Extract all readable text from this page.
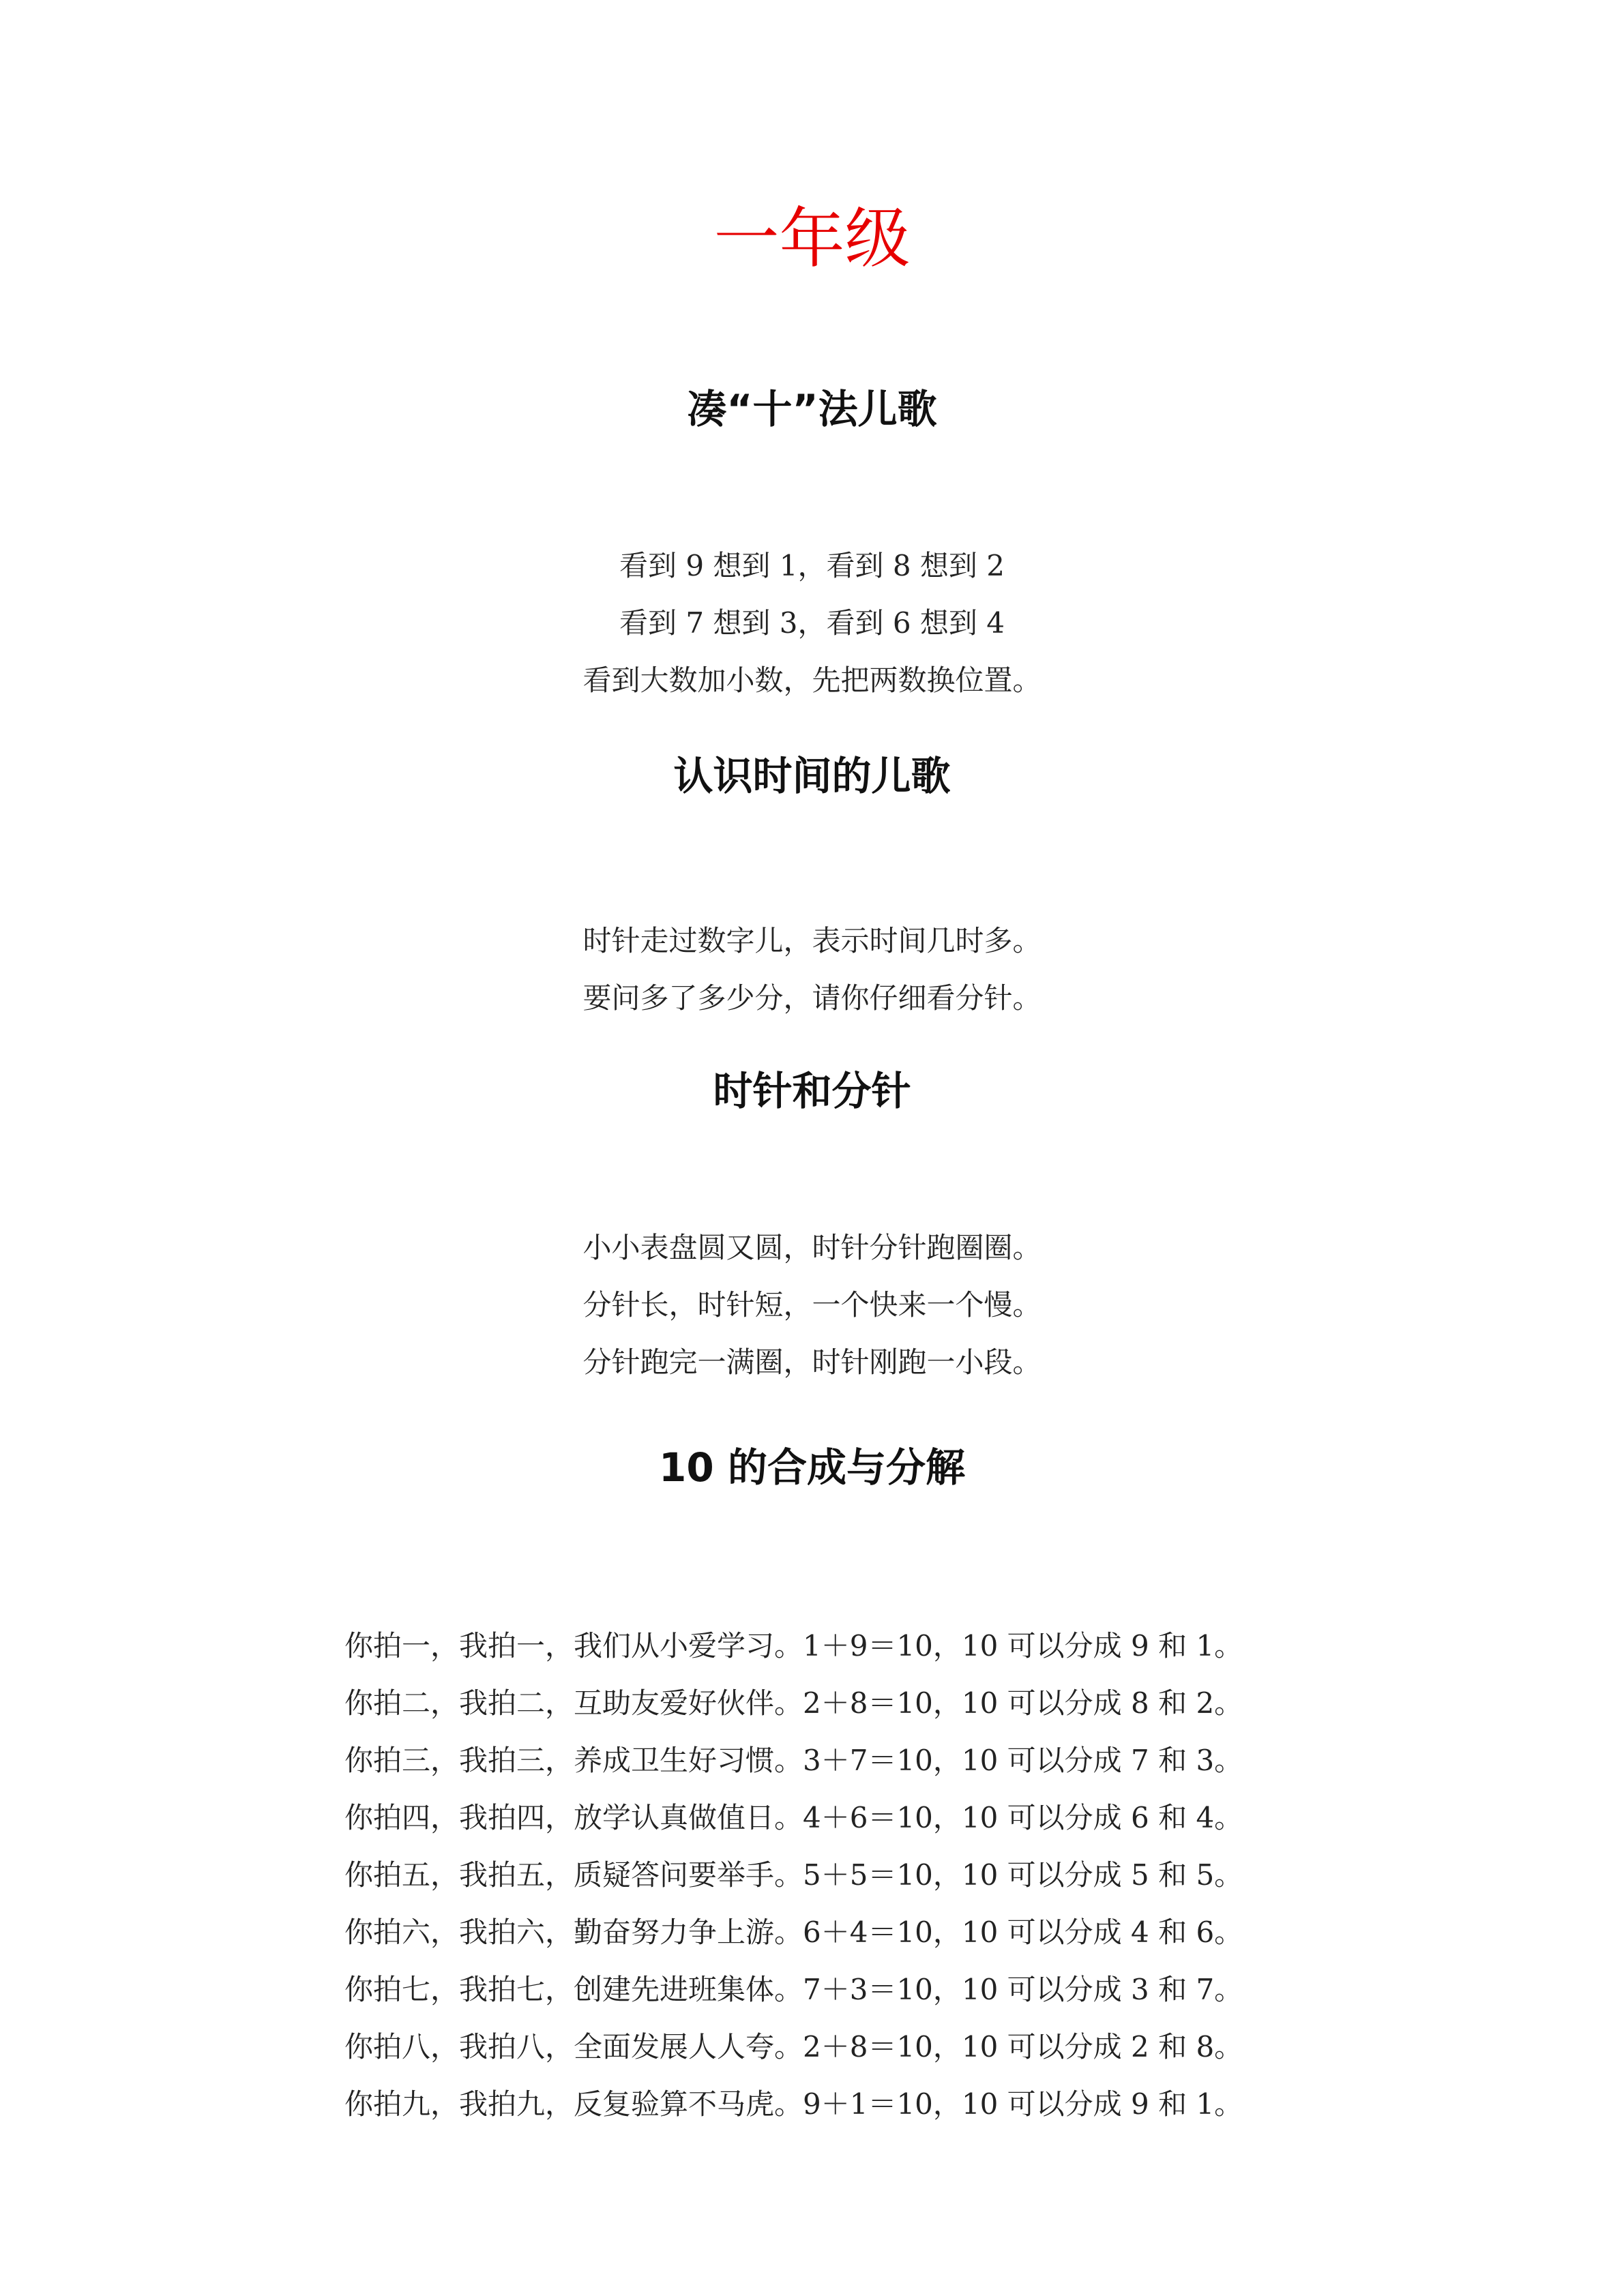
一年级
凑“十”法儿歌
看到 9 想到 1，看到 8 想到 2
看到 7 想到 3，看到 6 想到 4
看到大数加小数，先把两数换位置。
认识时间的儿歌
时针走过数字儿，表示时间几时多。
要问多了多少分，请你仔细看分针。
时针和分针
小小表盘圆又圆，时针分针跑圈圈。
分针长，时针短，一个快来一个慢。
分针跑完一满圈，时针刚跑一小段。
10 的合成与分解
你拍一，我拍一，我们从小爱学习。1＋9＝10，10 可以分成 9 和 1。
你拍二，我拍二，互助友爱好伙伴。2＋8＝10，10 可以分成 8 和 2。
你拍三，我拍三，养成卫生好习惯。3＋7＝10，10 可以分成 7 和 3。
你拍四，我拍四，放学认真做值日。4＋6＝10，10 可以分成 6 和 4。
你拍五，我拍五，质疑答问要举手。5＋5＝10，10 可以分成 5 和 5。
你拍六，我拍六，勤奋努力争上游。6＋4＝10，10 可以分成 4 和 6。
你拍七，我拍七，创建先进班集体。7＋3＝10，10 可以分成 3 和 7。
你拍八，我拍八，全面发展人人夸。2＋8＝10，10 可以分成 2 和 8。
你拍九，我拍九，反复验算不马虎。9＋1＝10，10 可以分成 9 和 1。
